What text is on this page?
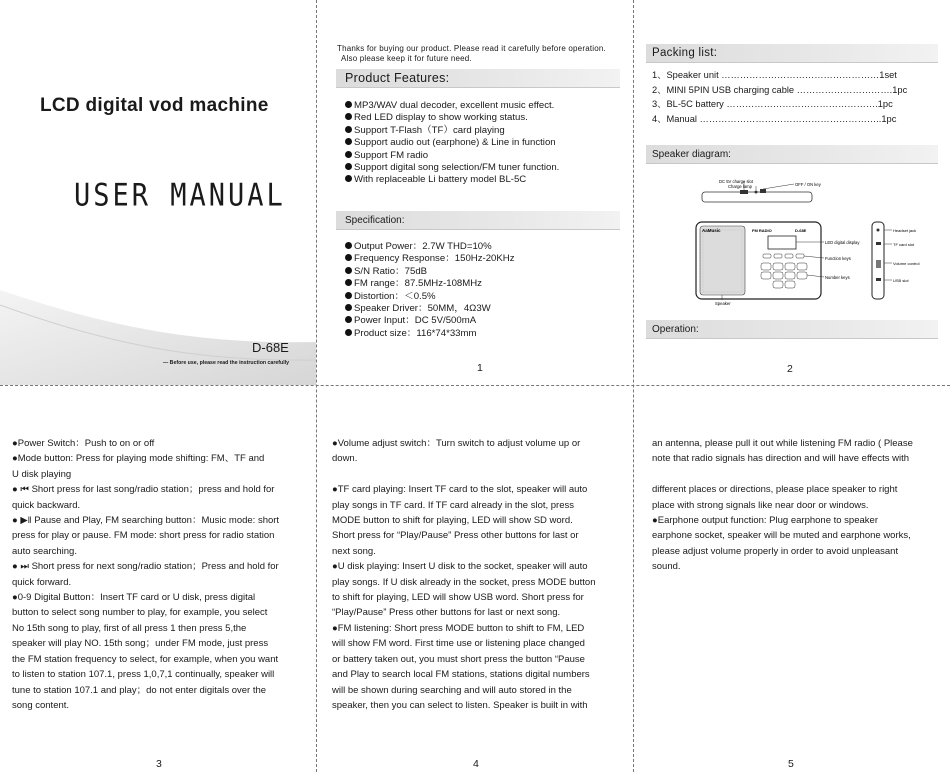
LCD digital vod machine
USER MANUAL
D-68E
— Before use, please read the instruction carefully
Thanks for buying our product. Please read it carefully before operation.
Also please keep it for future need.
Product Features:
MP3/WAV dual decoder, excellent music effect.
Red LED display to show working status.
Support T-Flash（TF）card playing
Support audio out (earphone) & Line in function
Support FM radio
Support digital song selection/FM tuner function.
With replaceable Li battery model BL-5C
Specification:
Output Power：2.7W THD=10%
Frequency Response：150Hz-20KHz
S/N Ratio：75dB
FM range：87.5MHz-108MHz
Distortion：＜0.5%
Speaker Driver：50MM，4Ω3W
Power Input：DC 5V/500mA
Product size：116*74*33mm
1
Packing list:
1、Speaker unit ……………………………………………1set
2、MINI 5PIN USB charging cable ………………………….1pc
3、BL-5C battery ………………………………………….1pc
4、Manual …………………………………………………..1pc
Speaker diagram:
DC 5V charge slot
Charge lamp	OFF / ON key
AaMusic	FM RADIO	D-68E
LED digital display
Function keys
Number keys
Speaker
Headset jack
TF card slot
Volume control
USB slot
Operation:
2

●Power Switch：Push to on or off

●Mode button: Press for playing mode shifting: FM、TF and

U disk playing

● ⏮ Short press for last song/radio station；press and hold for

quick backward.

● ▶‖ Pause and Play, FM searching button：Music mode: short

press for play or pause. FM mode: short press for radio station

auto searching.

● ⏭ Short press for next song/radio station；Press and hold for

quick forward.

●0-9 Digital Button：Insert TF card or U disk, press digital

button to select song number to play, for example, you select

No 15th song to play, first of all press 1 then press 5,the

speaker will play NO. 15th song；under FM mode, just press

the FM station frequency to select, for example, when you want

to listen to station 107.1, press 1,0,7,1 continually, speaker will

tune to station 107.1 and play；do not enter digitals over the

song content.

3

●Volume adjust switch：Turn switch to adjust volume up or

down.

●TF card playing: Insert TF card to the slot, speaker will auto

play songs in TF card. If TF card already in the slot, press

MODE button to shift for playing, LED will show SD word.

Short press for “Play/Pause” Press other buttons for last or

next song.

●U disk playing: Insert U disk to the socket, speaker will auto

play songs. If U disk already in the socket, press MODE button

to shift for playing, LED will show USB word. Short press for

“Play/Pause” Press other buttons for last or next song.

●FM listening: Short press MODE button to shift to FM, LED

will show FM word. First time use or listening place changed

or battery taken out, you must short press the button “Pause

and Play to search local FM stations, stations digital numbers

will be shown during searching and will auto stored in the

speaker, then you can select to listen. Speaker is built in with

4

an antenna, please pull it out while listening FM radio ( Please

note that radio signals has direction and will have effects with

different places or directions, please place speaker to right

place with strong signals like near door or windows.

●Earphone output function: Plug earphone to speaker

earphone socket, speaker will be muted and earphone works,

please adjust volume properly in order to avoid unpleasant

sound.

5
